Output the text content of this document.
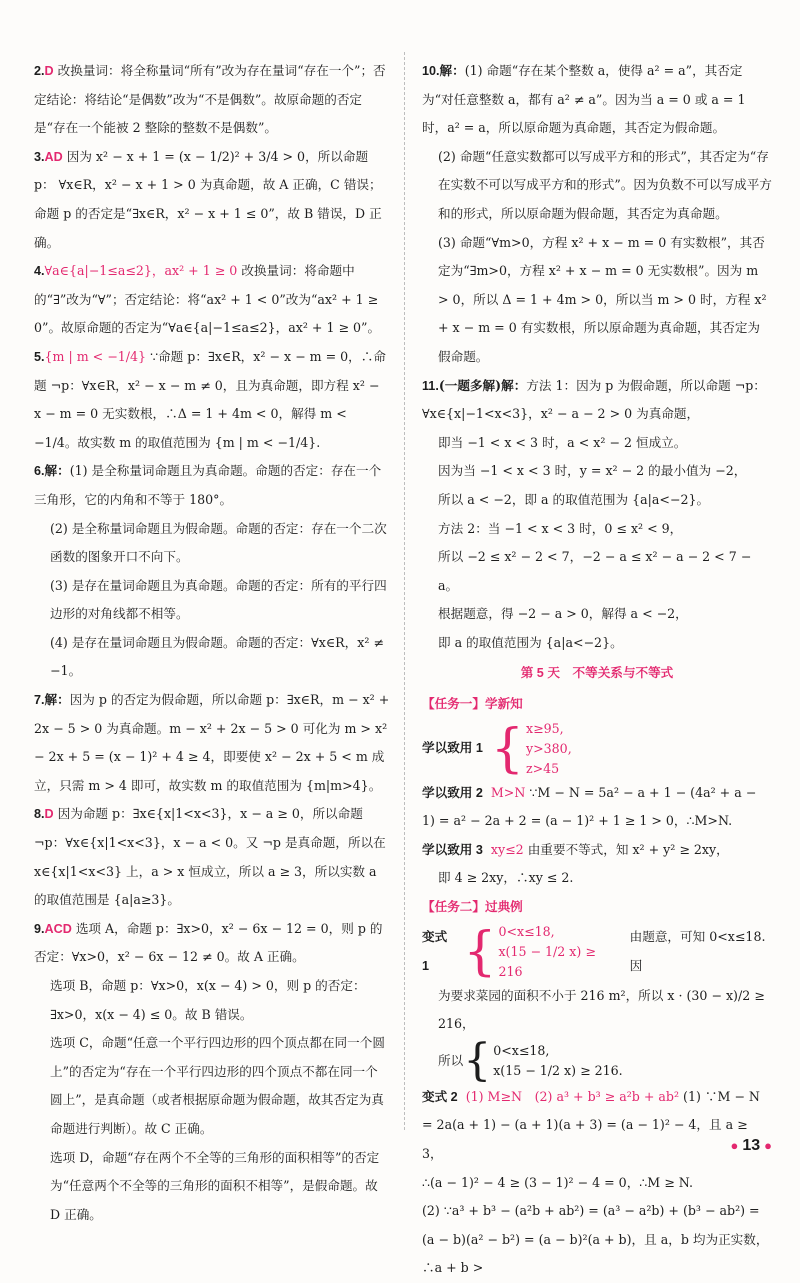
2.D 改换量词：将全称量词“所有”改为存在量词“存在一个”；否定结论：将结论“是偶数”改为“不是偶数”。故原命题的否定是“存在一个能被 2 整除的整数不是偶数”。

3.AD 因为 x² − x + 1 = (x − 1/2)² + 3/4 > 0，所以命题 p： ∀x∈R，x² − x + 1 > 0 为真命题，故 A 正确，C 错误；命题 p 的否定是“∃x∈R，x² − x + 1 ≤ 0”，故 B 错误，D 正确。

4.∀a∈{a|−1≤a≤2}，ax² + 1 ≥ 0 改换量词：将命题中的“∃”改为“∀”；否定结论：将“ax² + 1 < 0”改为“ax² + 1 ≥ 0”。故原命题的否定为“∀a∈{a|−1≤a≤2}，ax² + 1 ≥ 0”。

5.{m | m < −1/4} ∵命题 p：∃x∈R，x² − x − m = 0，∴命题 ¬p：∀x∈R，x² − x − m ≠ 0，且为真命题，即方程 x² − x − m = 0 无实数根，∴Δ = 1 + 4m < 0，解得 m < −1/4。故实数 m 的取值范围为 {m | m < −1/4}.

6.解：(1) 是全称量词命题且为真命题。命题的否定：存在一个三角形，它的内角和不等于 180°。

(2) 是全称量词命题且为假命题。命题的否定：存在一个二次函数的图象开口不向下。

(3) 是存在量词命题且为真命题。命题的否定：所有的平行四边形的对角线都不相等。

(4) 是存在量词命题且为假命题。命题的否定：∀x∈R，x² ≠ −1。

7.解：因为 p 的否定为假命题，所以命题 p：∃x∈R，m − x² + 2x − 5 > 0 为真命题。m − x² + 2x − 5 > 0 可化为 m > x² − 2x + 5 = (x − 1)² + 4 ≥ 4，即要使 x² − 2x + 5 < m 成立，只需 m > 4 即可，故实数 m 的取值范围为 {m|m>4}。

8.D 因为命题 p：∃x∈{x|1<x<3}，x − a ≥ 0，所以命题 ¬p：∀x∈{x|1<x<3}，x − a < 0。又 ¬p 是真命题，所以在 x∈{x|1<x<3} 上，a > x 恒成立，所以 a ≥ 3，所以实数 a 的取值范围是 {a|a≥3}。

9.ACD 选项 A，命题 p：∃x>0，x² − 6x − 12 = 0，则 p 的否定：∀x>0，x² − 6x − 12 ≠ 0。故 A 正确。

选项 B，命题 p：∀x>0，x(x − 4) > 0，则 p 的否定：∃x>0，x(x − 4) ≤ 0。故 B 错误。

选项 C，命题“任意一个平行四边形的四个顶点都在同一个圆上”的否定为“存在一个平行四边形的四个顶点不都在同一个圆上”，是真命题（或者根据原命题为假命题，故其否定为真命题进行判断）。故 C 正确。

选项 D，命题“存在两个不全等的三角形的面积相等”的否定为“任意两个不全等的三角形的面积不相等”，是假命题。故 D 正确。

10.解：(1) 命题“存在某个整数 a，使得 a² = a”，其否定为“对任意整数 a，都有 a² ≠ a”。因为当 a = 0 或 a = 1 时，a² = a，所以原命题为真命题，其否定为假命题。

(2) 命题“任意实数都可以写成平方和的形式”，其否定为“存在实数不可以写成平方和的形式”。因为负数不可以写成平方和的形式，所以原命题为假命题，其否定为真命题。

(3) 命题“∀m>0，方程 x² + x − m = 0 有实数根”，其否定为“∃m>0，方程 x² + x − m = 0 无实数根”。因为 m > 0，所以 Δ = 1 + 4m > 0，所以当 m > 0 时，方程 x² + x − m = 0 有实数根，所以原命题为真命题，其否定为假命题。

11.(一题多解)解：方法 1：因为 p 为假命题，所以命题 ¬p：∀x∈{x|−1<x<3}，x² − a − 2 > 0 为真命题，

即当 −1 < x < 3 时，a < x² − 2 恒成立。

因为当 −1 < x < 3 时，y = x² − 2 的最小值为 −2，

所以 a < −2，即 a 的取值范围为 {a|a<−2}。

方法 2：当 −1 < x < 3 时，0 ≤ x² < 9，

所以 −2 ≤ x² − 2 < 7，−2 − a ≤ x² − a − 2 < 7 − a。

根据题意，得 −2 − a > 0，解得 a < −2，

即 a 的取值范围为 {a|a<−2}。

第 5 天　不等关系与不等式

【任务一】学新知

学以致用 1 { x≥95,
y>380,
z>45

学以致用 2 M>N ∵M − N = 5a² − a + 1 − (4a² + a − 1) = a² − 2a + 2 = (a − 1)² + 1 ≥ 1 > 0，∴M>N.

学以致用 3 xy≤2 由重要不等式，知 x² + y² ≥ 2xy，

即 4 ≥ 2xy，∴xy ≤ 2.

【任务二】过典例

变式 1 { 0<x≤18,
x(15 − 1/2 x) ≥ 216
由题意，可知 0<x≤18. 因

为要求菜园的面积不小于 216 m²，所以 x · (30 − x)/2 ≥ 216，

所以 { 0<x≤18,
x(15 − 1/2 x) ≥ 216.

变式 2 (1) M≥N　(2) a³ + b³ ≥ a²b + ab² (1) ∵M − N = 2a(a + 1) − (a + 1)(a + 3) = (a − 1)² − 4，且 a ≥ 3，

∴(a − 1)² − 4 ≥ (3 − 1)² − 4 = 0，∴M ≥ N.

(2) ∵a³ + b³ − (a²b + ab²) = (a³ − a²b) + (b³ − ab²) = (a − b)(a² − b²) = (a − b)²(a + b)，且 a，b 均为正实数，∴a + b >

● 13 ●
